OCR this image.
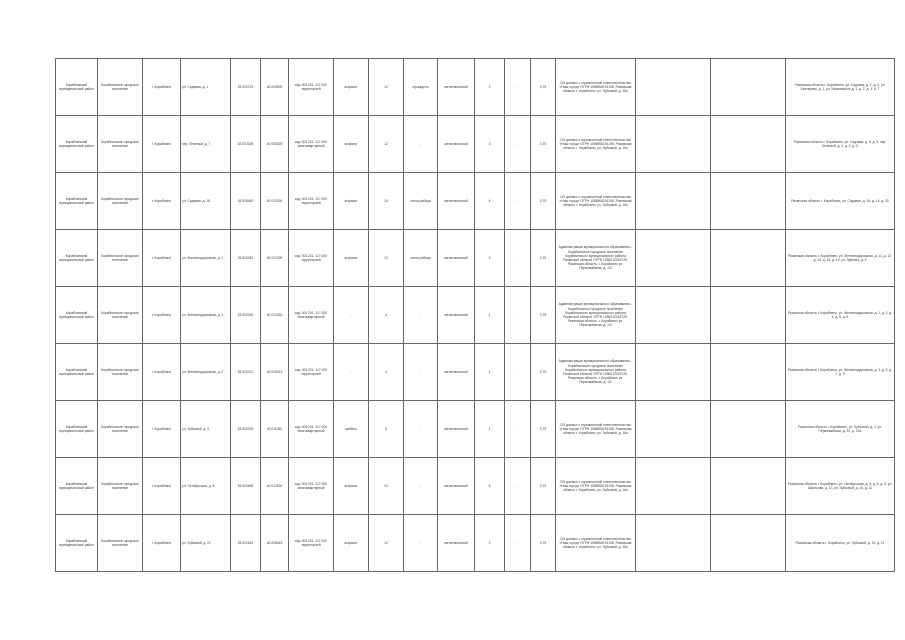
Корабликский муниципальный район	Кораблинское городское поселение	г. Кораблино	ул. Садовая, д. 1	53.922276	40.009505	кзд. 004.201. 117.000 территорией	асфальт	12	ограждено	металлический	3	-	0,75	ОО данных с ограниченной ответственностью «Наш город» ОГРН 1086906191198, Рязанская область г. Кораблино, ул. Зубковой, д. 16о			Рязанская область г. Кораблино, ул. Садовая, д. 1, д. 3, ул. Бахтерево, д. 1, ул. Маяковского д. 1, д. 2, д. 4, 6, 7
Кораблинский муниципальный район	Кораблинское городское поселение	г. Кораблино	пер. Зеленый, д. 7	53.922028	40.008225	кзд. 004.201. 117.000 многоквартирный	асфальт	12	-	металлический	3	-	0,75	ОО данных с ограниченной ответственностью «Наш город» ОГРН 1086906191198, Рязанская область г. Кораблино, ул. Зубковой, д. 16о			Рязанская область г. Кораблино, ул. Садовая, д. 5, д. 9, пер. Зеленый, д. 1, д. 2, д. 3
Кораблинский муниципальный район	Кораблинское городское поселение	г. Кораблино	ул. Садовая, д. 18	53.928440	40.012026	кзд. 004.201. 117.000 территорией	асфальт	10	сетка рабица	металлический	4	-	0,75	ОО данных с ограниченной ответственностью «Наш город» ОГРН 1086906191198, Рязанская область г. Кораблино, ул. Зубковой, д. 16о			Рязанская область г. Кораблино, ул. Садовая, д. 16, д. 14, д. 20
Кораблинский муниципальный район	Кораблинское городское поселение	г. Кораблино	ул. Железнодорожная, д. 1	53.920081	40.021095	кзд. 004.201. 117.000 территорией	асфальт	12	сетка рабица	металлический	3	-	0,75	Администрация муниципального образования – Кораблинское городское поселение Кораблинского муниципального района Рязанской области ОГРН 1056210023729, Рязанская область, г. Кораблино ул. Первомайская, д. 1/2			Рязанская область г. Кораблино, ул. Железнодорожная, д. 11, д. 12, д. 13, д. 15, д. 19, ул. Зубкова, д. 9
Кораблинский муниципальный район	Кораблинское городское поселение	г. Кораблино	ул. Железнодорожная, д. 1	53.920090	40.021530	кзд. 004.201. 117.000 многоквартирный	-	4	-	металлический	1	-	0,75	Администрация муниципального образования – Кораблинское городское поселение Кораблинского муниципального района Рязанской области ОГРН 1056210023729, Рязанская область, г. Кораблино ул. Первомайская, д. 1/2			Рязанская область г. Кораблино, ул. Железнодорожная, д. 1, д. 2, д. 4, д. 6, д. 8
Кораблинский муниципальный район	Кораблинское городское поселение	г. Кораблино	ул. Железнодорожная, д. 2	53.920210	40.020413	кзд. 004.201. 117.000 территорией	-	4	-	металлический	1	-	0,75	Администрация муниципального образования – Кораблинское городское поселение Кораблинского муниципального района Рязанской области ОГРН 1056210023729, Рязанская область, г. Кораблино ул. Первомайская, д. 1/2			Рязанская область г. Кораблино, ул. Железнодорожная, д. 3, д. 5, д. 7, д. 9
Кораблинский муниципальный район	Кораблинское городское поселение	г. Кораблино	ул. Зубковой, д. 4	53.920029	40.011080	кзд. 004.201. 117.000 многоквартирный	щебень	5	-	металлический	1	-	0,75	ОО данных с ограниченной ответственностью «Наш город» ОГРН 1086906191198, Рязанская область г. Кораблино, ул. Зубковой, д. 16о			Рязанская область г. Кораблино, ул. Зубковой, д. 4, ул. Первомайская, д. 20, д. 22А
Кораблинский муниципальный район	Кораблинское городское поселение	г. Кораблино	ул. Октябрьская, д. 8	53.920655	40.012630	кзд. 004.201. 117.000 многоквартирный	асфальт	24	-	металлический	6	-	0,75	ОО данных с ограниченной ответственностью «Наш город» ОГРН 1086906191198, Рязанская область г. Кораблино, ул. Зубковой, д. 16о			Рязанская область г. Кораблино, ул. Октябрьская, д. 4, д. 6, д. 8, ул. Школьная, д. 13, ул. Зубковой, д. 10, д. 11
Кораблинский муниципальный район	Кораблинское городское поселение	г. Кораблино	ул. Зубковой, д. 21	53.921642	40.008445	кзд. 004.201. 117.000 территорией	асфальт	12	-	металлический	3	-	0,75	ОО данных с ограниченной ответственностью «Наш город» ОГРН 1086906191198, Рязанская область г. Кораблино, ул. Зубковой, д. 16о			Рязанская область г. Кораблино, ул. Зубковой, д. 19, д. 21
